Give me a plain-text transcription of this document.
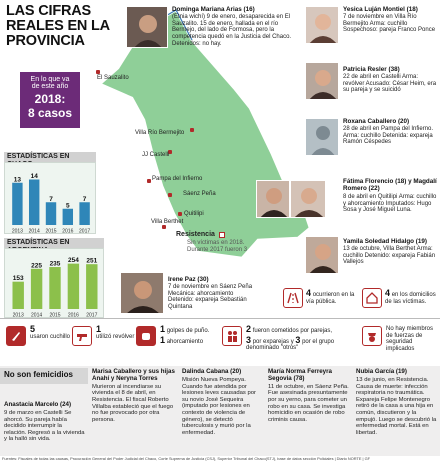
LAS CIFRAS REALES EN LA PROVINCIA
El Sauzalito
Villa Río Bermejito
JJ Castelli
Pampa del Infierno
Sáenz Peña
Quitilipi
Villa Berthet
Resistencia
Sin víctimas en 2018. Durante 2017 fueron 3
En lo que va
de este año
2018:
8 casos
ESTADÍSTICAS EN CHACO
13
2013
14
2014
7
2015
5
2016
7
2017
ESTADÍSTICAS EN ARGENTINA
153
2013
225
2014
235
2015
254
2016
251
2017
Dominga Mariana Arias (16)
(Etnia wichí) 9 de enero, desaparecida en El Sauzalito. 15 de enero, hallada en el río Bermejo, del lado de Formosa, pero la competencia quedó en la Justicia del Chaco. Detenidos: no hay.
Yesica Luján Montiel (18)
7 de noviembre en Villa Río Bermejito Arma: cuchillo Sospechoso: pareja Franco Ponce
Patricia Resler (38)
22 de abril en Castelli Arma: revólver Acusado: César Heim, era su pareja y se suicidó
Roxana Caballero (20)
28 de abril en Pampa del Infierno. Arma: cuchillo Detenida: expareja Ramón Céspedes
Fátima Florencio (18) y Magdalí Romero (22)
8 de abril en Quitilipi Arma: cuchillo y ahorcamiento Imputados: Hugo Sosa y José Miguel Luna.
Yamila Soledad Hidalgo (19)
13 de octubre, Villa Berthet Arma: cuchillo Detenido: expareja Fabián Vallejos
Irene Paz (30)
7 de noviembre en Sáenz Peña Mecánica: ahorcamiento Detenido: expareja Sebastián Quintana
4 ocurrieron en la vía pública.
4 en los domicilios de las víctimas.
5
usaron cuchillo
1
utilizó revólver
1 golpes de puño.
1 ahorcamiento
2 fueron cometidos por parejas,
3 por exparejas y 3 por el grupo denominado "otros"
No hay miembros de fuerzas de seguridad implicados
No son femicidios
Anastacia Marcelo (24)
9 de marzo en Castelli Se ahorcó. Su pareja había decidido interrumpir la relación. Regresó a la vivienda y la halló sin vida.
Marisa Caballero y sus hijas Anahí y Neryna Torres
Murieron al incendiarse su vivienda el 8 de abril, en Resistencia. El fiscal Roberto Villalba estableció que el fuego no fue provocado por otra persona.
Dalinda Cabana (20)
Misión Nueva Pompeya. Cuando fue atendida por lesiones leves causadas por su novio José Sequeira (imputado por lesiones en contexto de violencia de género), se detectó tuberculosis y murió por la enfermedad.
María Norma Ferreyra Segovia (78)
11 de octubre, en Sáenz Peña. Fue asesinada presuntamente por su yerno, para cometer un robo en su casa. Se investiga homicidio en ocasión de robo criminis causa.
Nubia García (19)
13 de junio, en Resistencia. Causa de muerte: infección respiratoria no traumática. Expareja Felipe Montenegro retiró de la casa a una hija en común, discutieron y la empujó. Luego se descubrió la enfermedad mortal. Está en libertad.
Fuentes: Fiscales de todas las causas, Procuración General del Poder Judicial del Chaco, Corte Suprema de Justicia (CSJ), Superior Tribunal del Chaco(STJ), base de datos sección Policiales | Diario NORTE | GF
